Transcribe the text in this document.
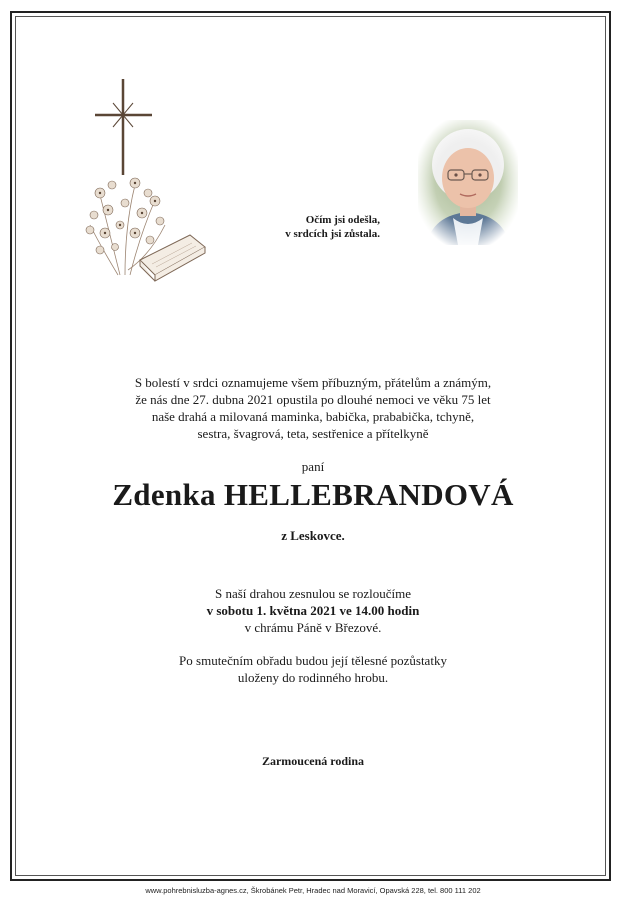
Očím jsi odešla,
v srdcích jsi zůstala.
S bolestí v srdci oznamujeme všem příbuzným, přátelům a známým,
že nás dne 27. dubna 2021 opustila po dlouhé nemoci ve věku 75 let
naše drahá a milovaná maminka, babička, prababička, tchyně,
sestra, švagrová, teta, sestřenice a přítelkyně
paní
Zdenka HELLEBRANDOVÁ
z Leskovce.
S naší drahou zesnulou se rozloučíme
v sobotu 1. května 2021 ve 14.00 hodin
v chrámu Páně v Březové.
Po smutečním obřadu budou její tělesné pozůstatky
uloženy do rodinného hrobu.
Zarmoucená rodina
www.pohrebnisluzba-agnes.cz, Škrobánek Petr, Hradec nad Moravicí, Opavská 228, tel. 800 111 202
